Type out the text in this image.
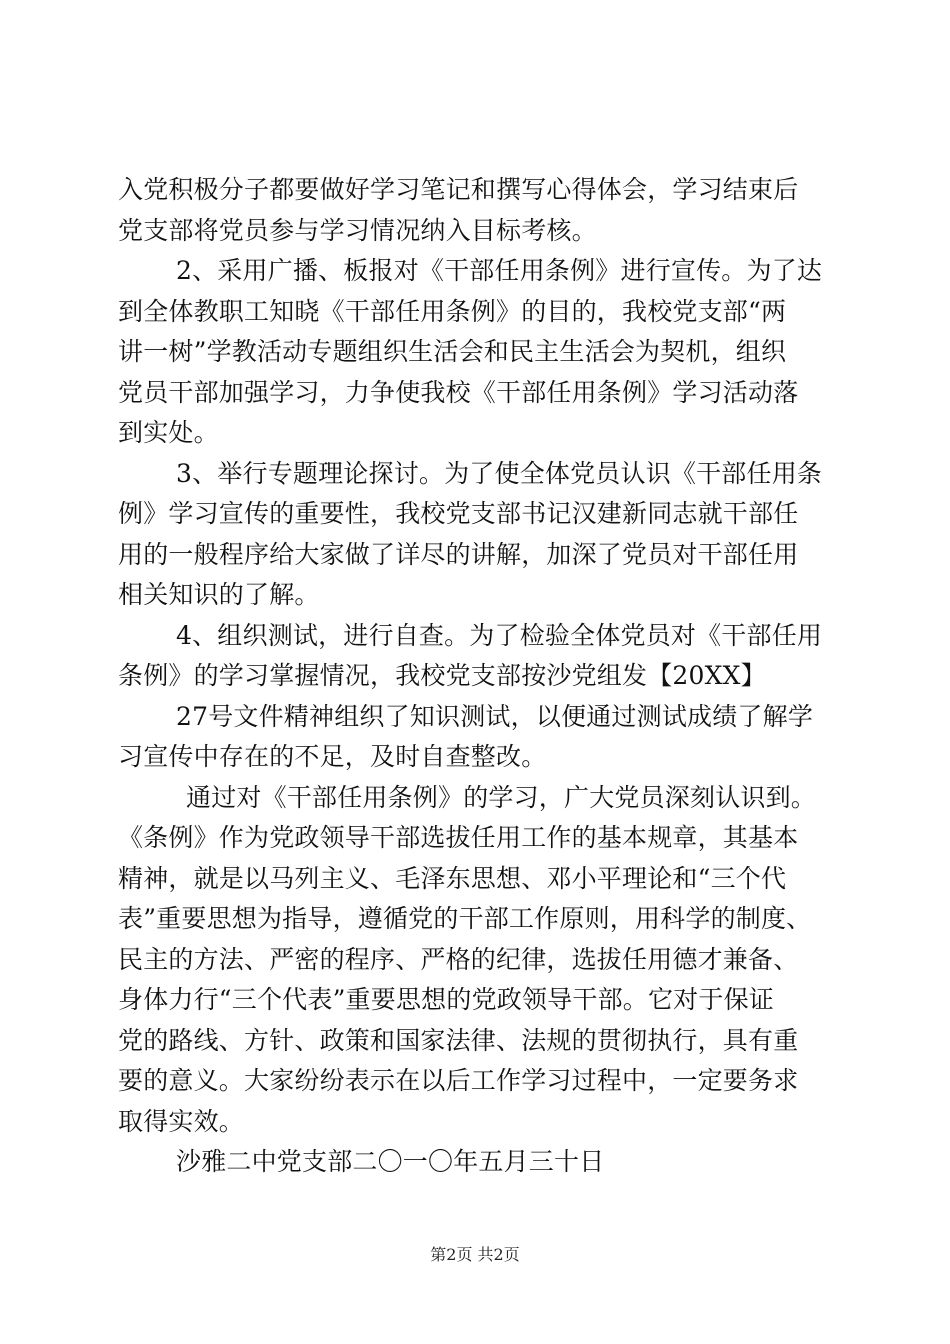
入党积极分子都要做好学习笔记和撰写心得体会，学习结束后
党支部将党员参与学习情况纳入目标考核。
2、采用广播、板报对《干部任用条例》进行宣传。为了达
到全体教职工知晓《干部任用条例》的目的，我校党支部“两
讲一树”学教活动专题组织生活会和民主生活会为契机，组织
党员干部加强学习，力争使我校《干部任用条例》学习活动落
到实处。
3、举行专题理论探讨。为了使全体党员认识《干部任用条
例》学习宣传的重要性，我校党支部书记汉建新同志就干部任
用的一般程序给大家做了详尽的讲解，加深了党员对干部任用
相关知识的了解。
4、组织测试，进行自查。为了检验全体党员对《干部任用
条例》的学习掌握情况，我校党支部按沙党组发【20XX】
27号文件精神组织了知识测试，以便通过测试成绩了解学
习宣传中存在的不足，及时自查整改。
通过对《干部任用条例》的学习，广大党员深刻认识到。
《条例》作为党政领导干部选拔任用工作的基本规章，其基本
精神，就是以马列主义、毛泽东思想、邓小平理论和“三个代
表”重要思想为指导，遵循党的干部工作原则，用科学的制度、
民主的方法、严密的程序、严格的纪律，选拔任用德才兼备、
身体力行“三个代表”重要思想的党政领导干部。它对于保证
党的路线、方针、政策和国家法律、法规的贯彻执行，具有重
要的意义。大家纷纷表示在以后工作学习过程中，一定要务求
取得实效。
沙雅二中党支部二〇一〇年五月三十日
第2页 共2页
